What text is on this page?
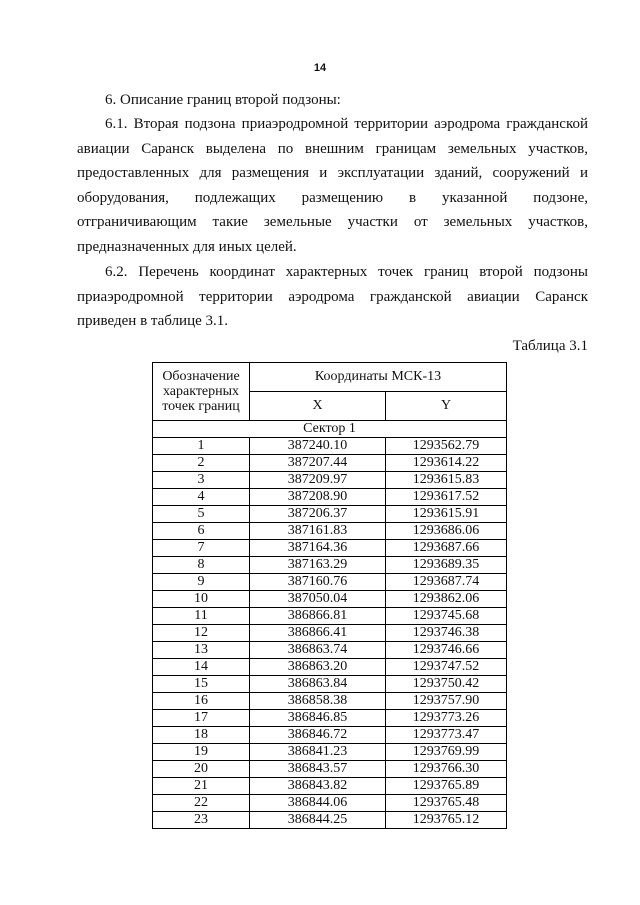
14
6. Описание границ второй подзоны:
6.1. Вторая подзона приаэродромной территории аэродрома гражданской авиации Саранск выделена по внешним границам земельных участков, предоставленных для размещения и эксплуатации зданий, сооружений и оборудования, подлежащих размещению в указанной подзоне, отграничивающим такие земельные участки от земельных участков, предназначенных для иных целей.
6.2. Перечень координат характерных точек границ второй подзоны приаэродромной территории аэродрома гражданской авиации Саранск приведен в таблице 3.1.
Таблица 3.1
Обозначение характерных точек границ	Координаты МСК-13	
	X	Y
Сектор 1		
1	387240.10	1293562.79
2	387207.44	1293614.22
3	387209.97	1293615.83
4	387208.90	1293617.52
5	387206.37	1293615.91
6	387161.83	1293686.06
7	387164.36	1293687.66
8	387163.29	1293689.35
9	387160.76	1293687.74
10	387050.04	1293862.06
11	386866.81	1293745.68
12	386866.41	1293746.38
13	386863.74	1293746.66
14	386863.20	1293747.52
15	386863.84	1293750.42
16	386858.38	1293757.90
17	386846.85	1293773.26
18	386846.72	1293773.47
19	386841.23	1293769.99
20	386843.57	1293766.30
21	386843.82	1293765.89
22	386844.06	1293765.48
23	386844.25	1293765.12
